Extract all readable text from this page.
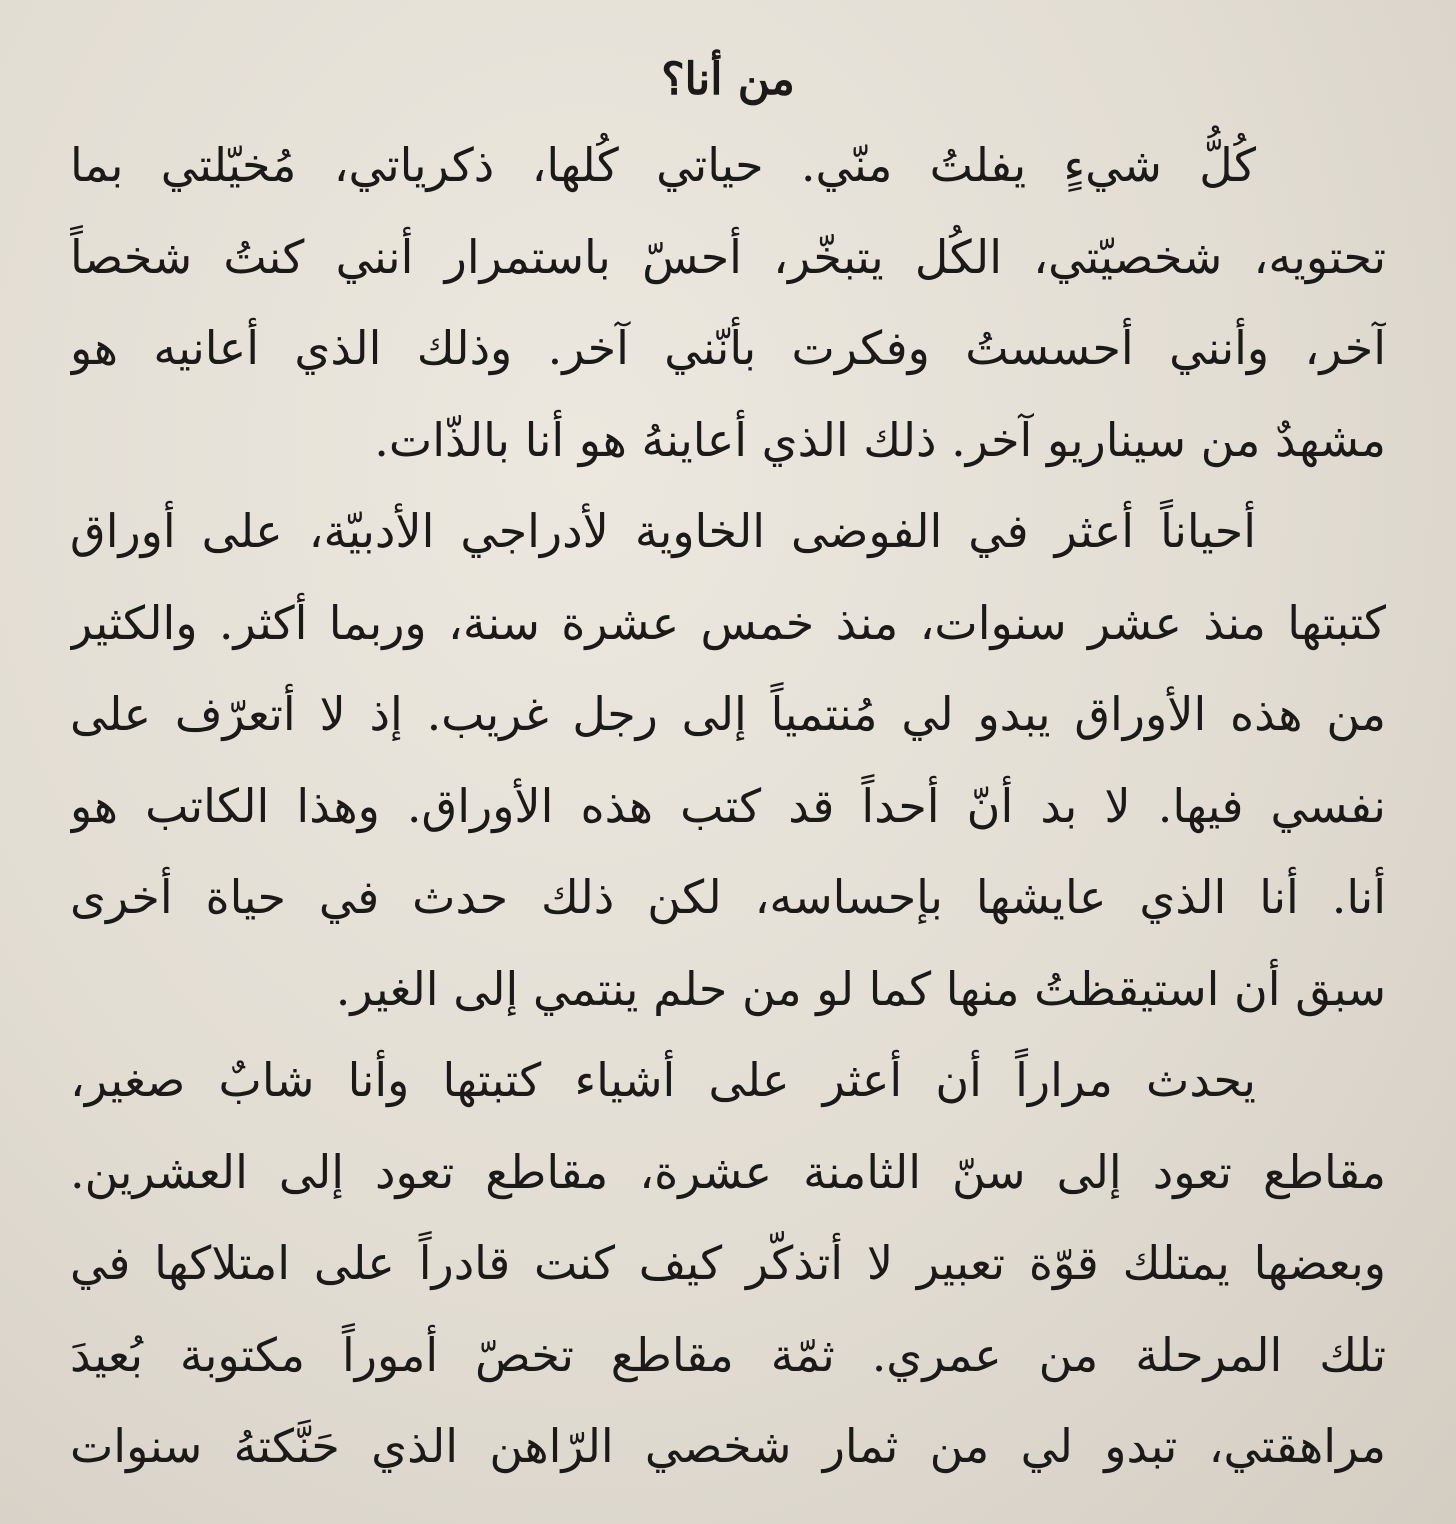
من أنا؟
كُلُّ شيءٍ يفلتُ منّي. حياتي كُلها، ذكرياتي، مُخيّلتي بما
تحتويه، شخصيّتي، الكُل يتبخّر، أحسّ باستمرار أنني كنتُ شخصاً
آخر، وأنني أحسستُ وفكرت بأنّني آخر. وذلك الذي أعانيه هو
مشهدٌ من سيناريو آخر. ذلك الذي أعاينهُ هو أنا بالذّات.
أحياناً أعثر في الفوضى الخاوية لأدراجي الأدبيّة، على أوراق
كتبتها منذ عشر سنوات، منذ خمس عشرة سنة، وربما أكثر. والكثير
من هذه الأوراق يبدو لي مُنتمياً إلى رجل غريب. إذ لا أتعرّف على
نفسي فيها. لا بد أنّ أحداً قد كتب هذه الأوراق. وهذا الكاتب هو
أنا. أنا الذي عايشها بإحساسه، لكن ذلك حدث في حياة أخرى
سبق أن استيقظتُ منها كما لو من حلم ينتمي إلى الغير.
يحدث مراراً أن أعثر على أشياء كتبتها وأنا شابٌ صغير،
مقاطع تعود إلى سنّ الثامنة عشرة، مقاطع تعود إلى العشرين.
وبعضها يمتلك قوّة تعبير لا أتذكّر كيف كنت قادراً على امتلاكها في
تلك المرحلة من عمري. ثمّة مقاطع تخصّ أموراً مكتوبة بُعيدَ
مراهقتي، تبدو لي من ثمار شخصي الرّاهن الذي حَنَّكتهُ سنوات
